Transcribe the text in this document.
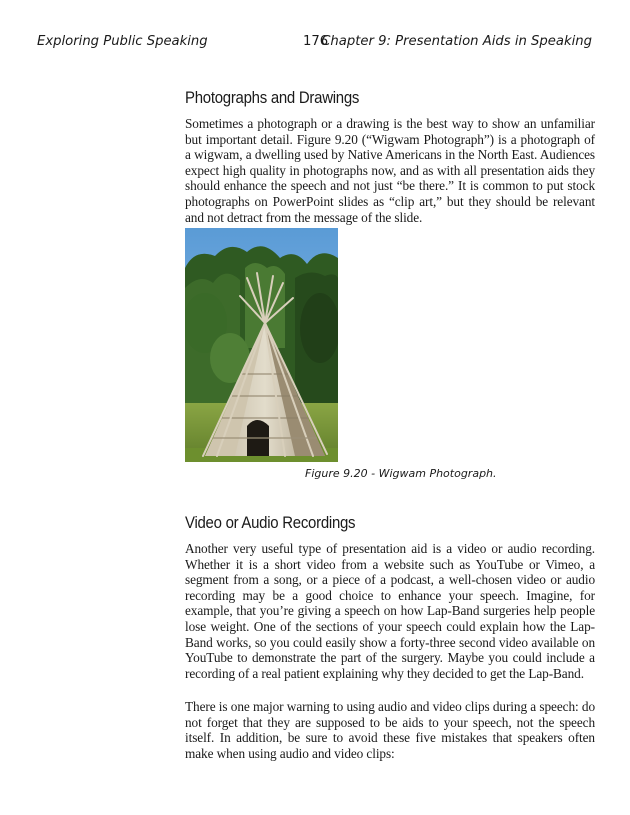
Exploring Public Speaking	176
Chapter 9: Presentation Aids in Speaking
Photographs and Drawings

Sometimes a photograph or a drawing is the best way to show an unfamiliar but important detail. Figure 9.20 (“Wigwam Photograph”) is a photograph of a wigwam, a dwelling used by Native Americans in the North East. Audiences expect high quality in photographs now, and as with all presentation aids they should enhance the speech and not just “be there.” It is common to put stock photographs on PowerPoint slides as “clip art,” but they should be relevant and not detract from the message of the slide.

Figure 9.20 - Wigwam Photograph.
Video or Audio Recordings

Another very useful type of presentation aid is a video or audio recording. Whether it is a short video from a website such as YouTube or Vimeo, a segment from a song, or a piece of a podcast, a well-chosen video or audio recording may be a good choice to enhance your speech. Imagine, for example, that you’re giving a speech on how Lap-Band surgeries help people lose weight. One of the sections of your speech could explain how the Lap-Band works, so you could easily show a forty-three second video available on YouTube to demonstrate the part of the surgery. Maybe you could include a recording of a real patient explaining why they decided to get the Lap-Band.

There is one major warning to using audio and video clips during a speech: do not forget that they are supposed to be aids to your speech, not the speech itself. In addition, be sure to avoid these five mistakes that speakers often make when using audio and video clips:
